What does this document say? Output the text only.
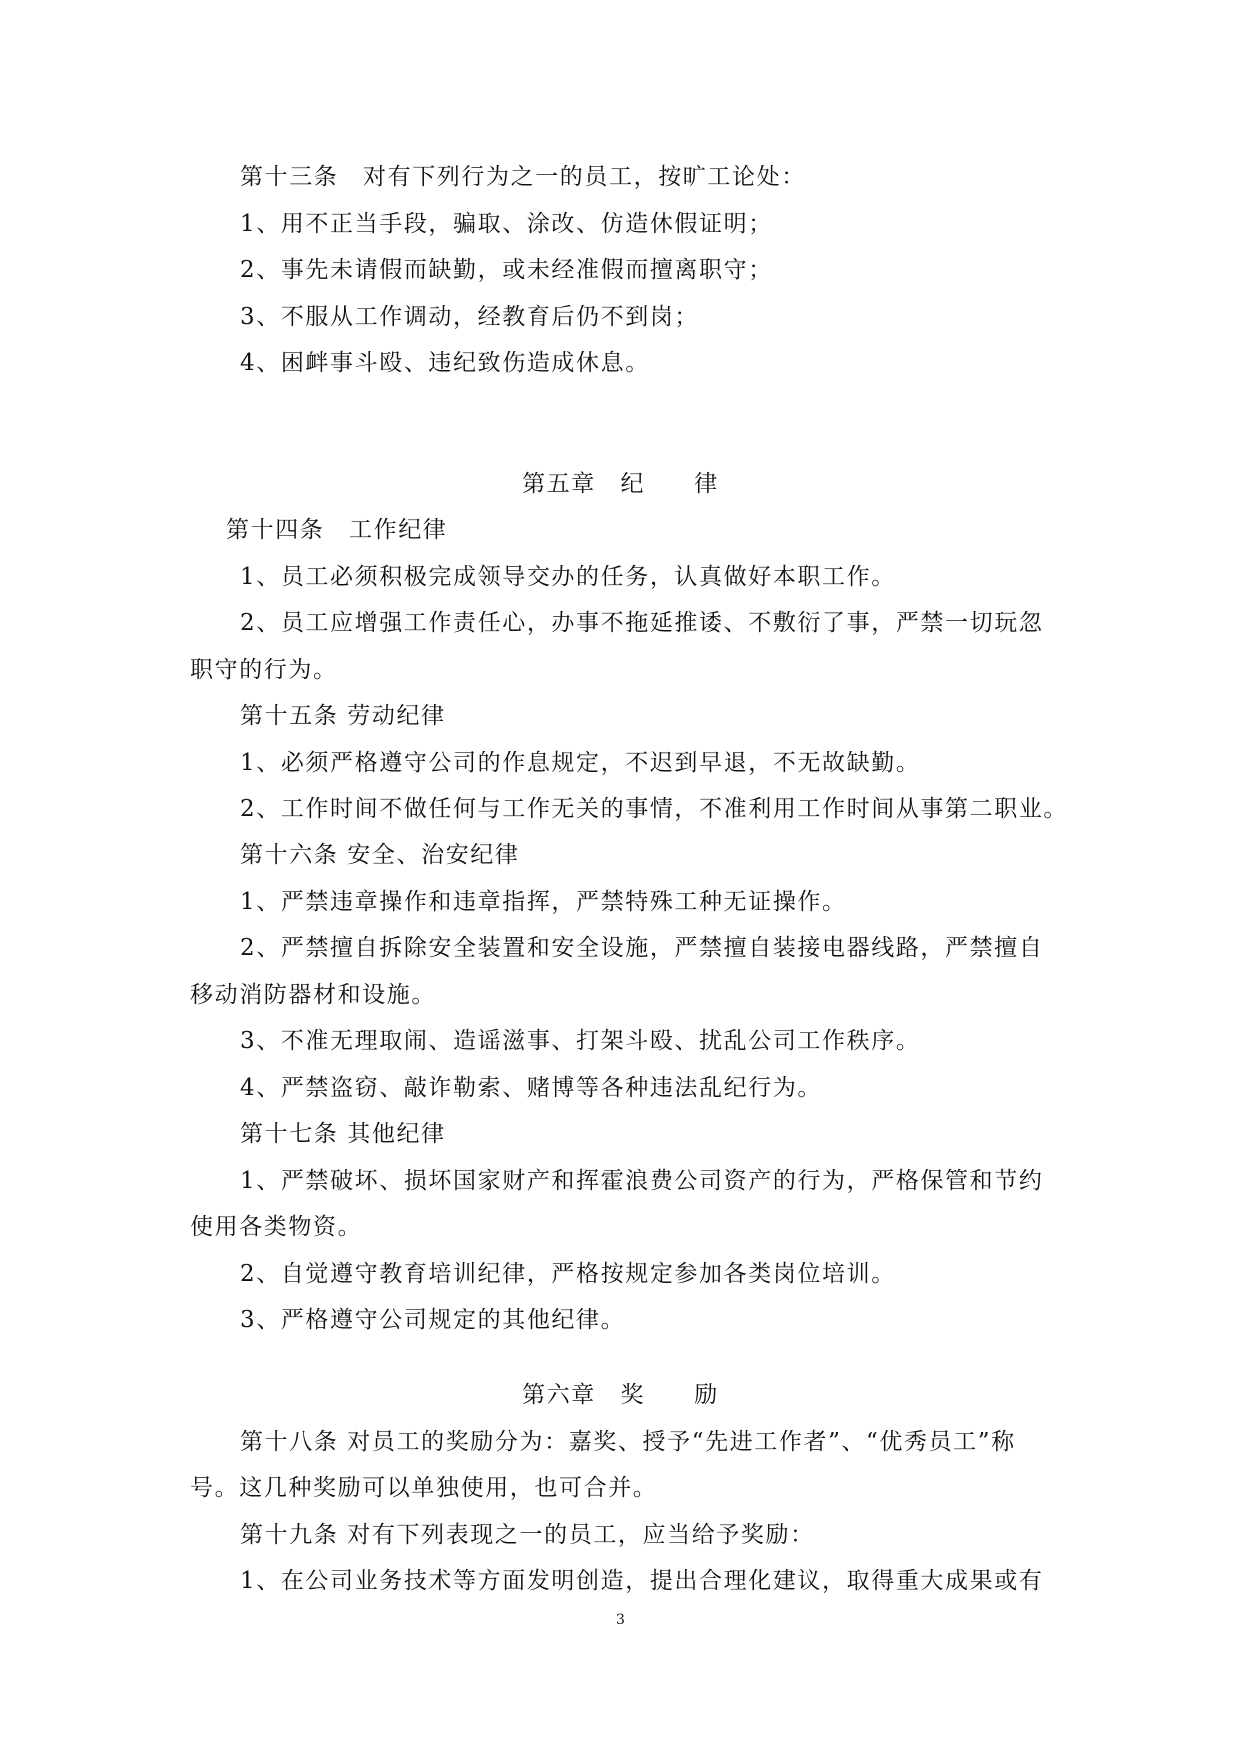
第十三条　对有下列行为之一的员工，按旷工论处：
1、用不正当手段，骗取、涂改、仿造休假证明；
2、事先未请假而缺勤，或未经准假而擅离职守；
3、不服从工作调动，经教育后仍不到岗；
4、困衅事斗殴、违纪致伤造成休息。
第五章　纪　　律
第十四条　工作纪律
1、员工必须积极完成领导交办的任务，认真做好本职工作。
2、员工应增强工作责任心，办事不拖延推诿、不敷衍了事，严禁一切玩忽
职守的行为。
第十五条 劳动纪律
1、必须严格遵守公司的作息规定，不迟到早退，不无故缺勤。
2、工作时间不做任何与工作无关的事情，不准利用工作时间从事第二职业。
第十六条 安全、治安纪律
1、严禁违章操作和违章指挥，严禁特殊工种无证操作。
2、严禁擅自拆除安全装置和安全设施，严禁擅自装接电器线路，严禁擅自
移动消防器材和设施。
3、不准无理取闹、造谣滋事、打架斗殴、扰乱公司工作秩序。
4、严禁盗窃、敲诈勒索、赌博等各种违法乱纪行为。
第十七条 其他纪律
1、严禁破坏、损坏国家财产和挥霍浪费公司资产的行为，严格保管和节约
使用各类物资。
2、自觉遵守教育培训纪律，严格按规定参加各类岗位培训。
3、严格遵守公司规定的其他纪律。
第六章　奖　　励
第十八条 对员工的奖励分为：嘉奖、授予“先进工作者”、“优秀员工”称
号。这几种奖励可以单独使用，也可合并。
第十九条 对有下列表现之一的员工，应当给予奖励：
1、在公司业务技术等方面发明创造，提出合理化建议，取得重大成果或有
3
